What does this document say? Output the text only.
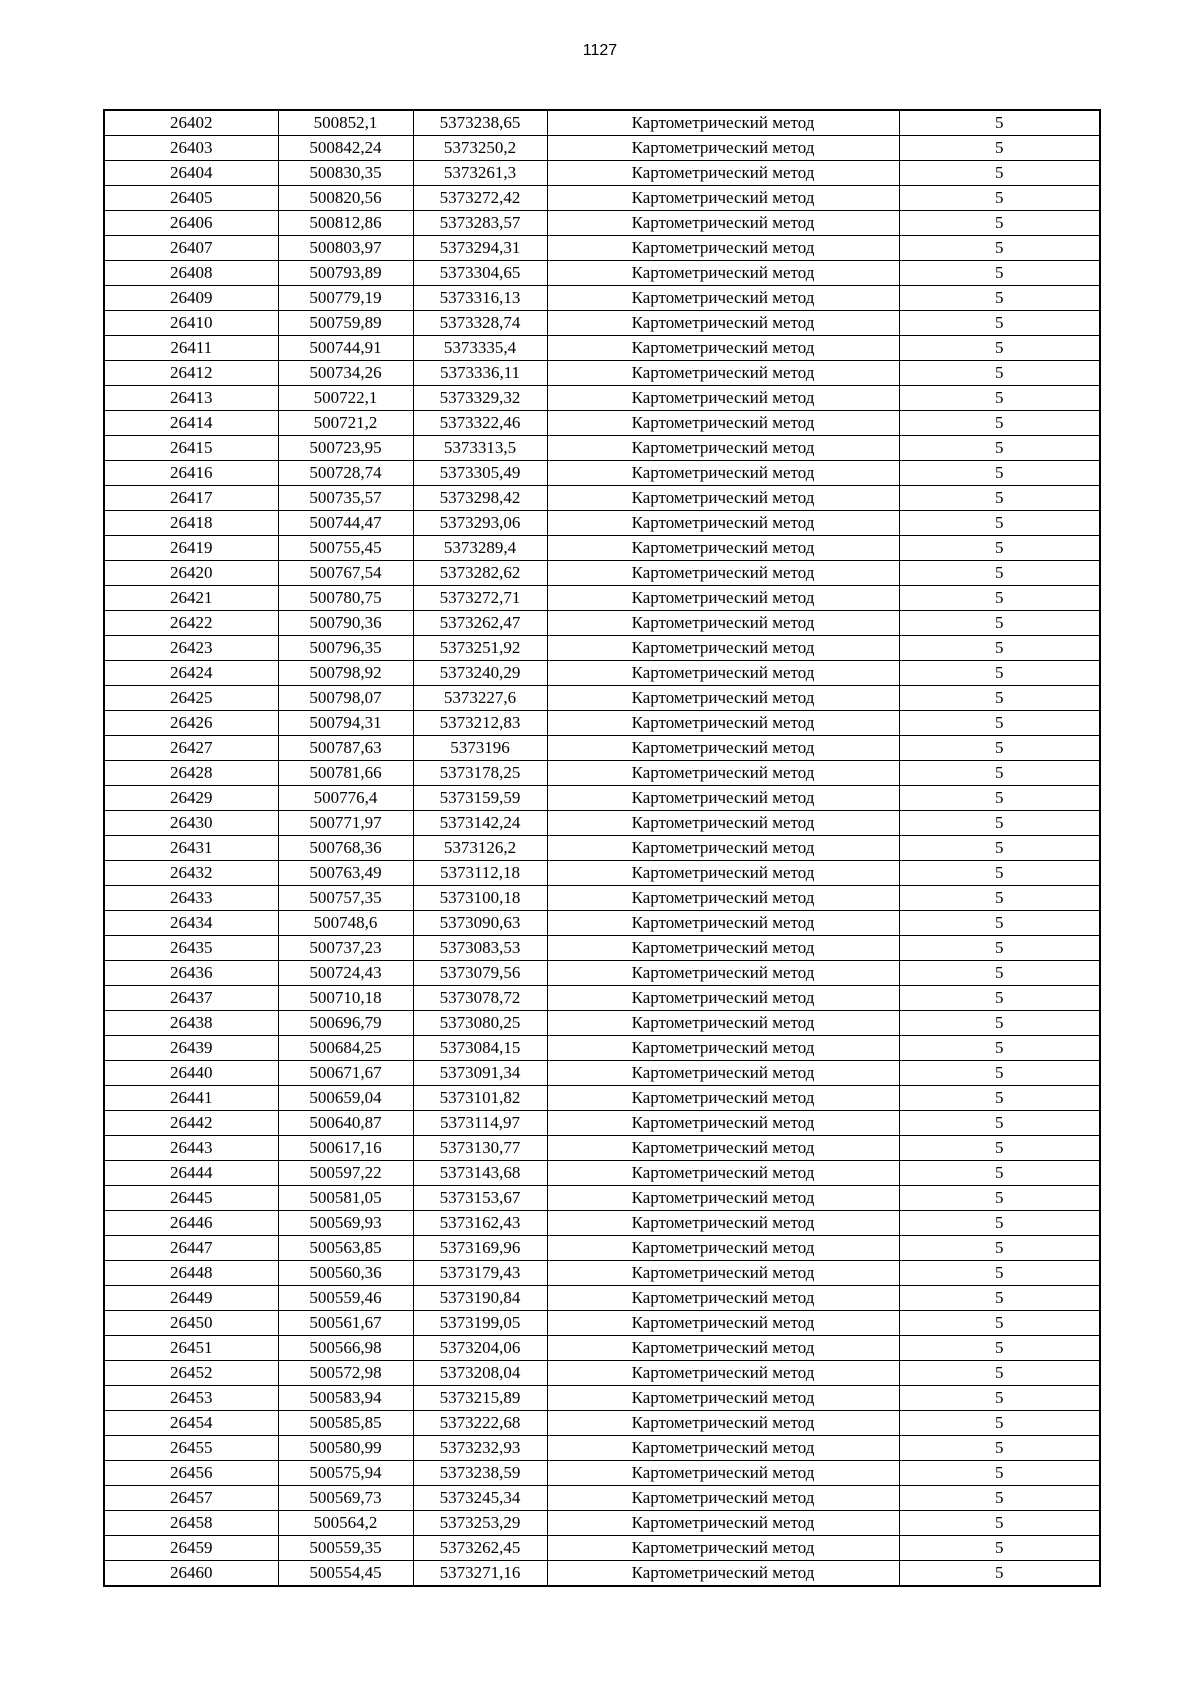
1127
26402	500852,1	5373238,65	Картометрический метод	5
26403	500842,24	5373250,2	Картометрический метод	5
26404	500830,35	5373261,3	Картометрический метод	5
26405	500820,56	5373272,42	Картометрический метод	5
26406	500812,86	5373283,57	Картометрический метод	5
26407	500803,97	5373294,31	Картометрический метод	5
26408	500793,89	5373304,65	Картометрический метод	5
26409	500779,19	5373316,13	Картометрический метод	5
26410	500759,89	5373328,74	Картометрический метод	5
26411	500744,91	5373335,4	Картометрический метод	5
26412	500734,26	5373336,11	Картометрический метод	5
26413	500722,1	5373329,32	Картометрический метод	5
26414	500721,2	5373322,46	Картометрический метод	5
26415	500723,95	5373313,5	Картометрический метод	5
26416	500728,74	5373305,49	Картометрический метод	5
26417	500735,57	5373298,42	Картометрический метод	5
26418	500744,47	5373293,06	Картометрический метод	5
26419	500755,45	5373289,4	Картометрический метод	5
26420	500767,54	5373282,62	Картометрический метод	5
26421	500780,75	5373272,71	Картометрический метод	5
26422	500790,36	5373262,47	Картометрический метод	5
26423	500796,35	5373251,92	Картометрический метод	5
26424	500798,92	5373240,29	Картометрический метод	5
26425	500798,07	5373227,6	Картометрический метод	5
26426	500794,31	5373212,83	Картометрический метод	5
26427	500787,63	5373196	Картометрический метод	5
26428	500781,66	5373178,25	Картометрический метод	5
26429	500776,4	5373159,59	Картометрический метод	5
26430	500771,97	5373142,24	Картометрический метод	5
26431	500768,36	5373126,2	Картометрический метод	5
26432	500763,49	5373112,18	Картометрический метод	5
26433	500757,35	5373100,18	Картометрический метод	5
26434	500748,6	5373090,63	Картометрический метод	5
26435	500737,23	5373083,53	Картометрический метод	5
26436	500724,43	5373079,56	Картометрический метод	5
26437	500710,18	5373078,72	Картометрический метод	5
26438	500696,79	5373080,25	Картометрический метод	5
26439	500684,25	5373084,15	Картометрический метод	5
26440	500671,67	5373091,34	Картометрический метод	5
26441	500659,04	5373101,82	Картометрический метод	5
26442	500640,87	5373114,97	Картометрический метод	5
26443	500617,16	5373130,77	Картометрический метод	5
26444	500597,22	5373143,68	Картометрический метод	5
26445	500581,05	5373153,67	Картометрический метод	5
26446	500569,93	5373162,43	Картометрический метод	5
26447	500563,85	5373169,96	Картометрический метод	5
26448	500560,36	5373179,43	Картометрический метод	5
26449	500559,46	5373190,84	Картометрический метод	5
26450	500561,67	5373199,05	Картометрический метод	5
26451	500566,98	5373204,06	Картометрический метод	5
26452	500572,98	5373208,04	Картометрический метод	5
26453	500583,94	5373215,89	Картометрический метод	5
26454	500585,85	5373222,68	Картометрический метод	5
26455	500580,99	5373232,93	Картометрический метод	5
26456	500575,94	5373238,59	Картометрический метод	5
26457	500569,73	5373245,34	Картометрический метод	5
26458	500564,2	5373253,29	Картометрический метод	5
26459	500559,35	5373262,45	Картометрический метод	5
26460	500554,45	5373271,16	Картометрический метод	5
